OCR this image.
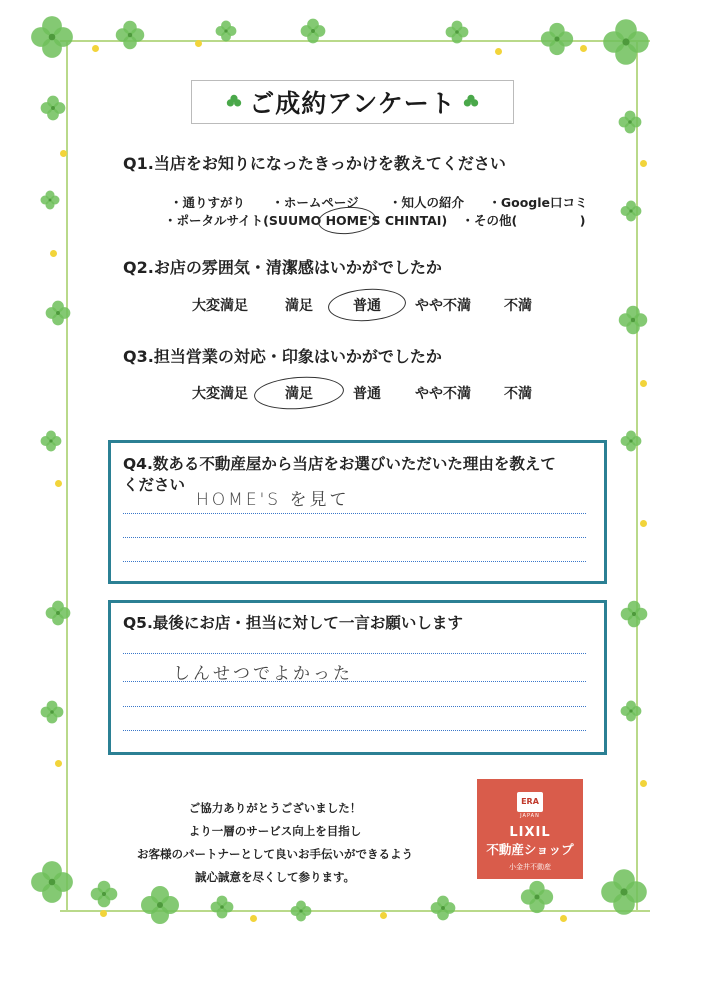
ご成約アンケート
Q1.当店をお知りになったきっかけを教えてください
・通りすがり ・ホームページ ・知人の紹介 ・Google口コミ
・ポータルサイト(SUUMO HOME'S CHINTAI) ・その他(　　　　　)
Q2.お店の雰囲気・清潔感はいかがでしたか
大変満足	満足	普通	やや不満	不満
Q3.担当営業の対応・印象はいかがでしたか
大変満足	満足	普通	やや不満	不満
Q4.数ある不動産屋から当店をお選びいただいた理由を教えて
ください
HOME'S を見て
Q5.最後にお店・担当に対して一言お願いします
しんせつでよかった
ご協力ありがとうございました！
より一層のサービス向上を目指し
お客様のパートナーとして良いお手伝いができるよう
誠心誠意を尽くして参ります。
ERA
JAPAN
LIXIL
不動産ショップ
小金井不動産
